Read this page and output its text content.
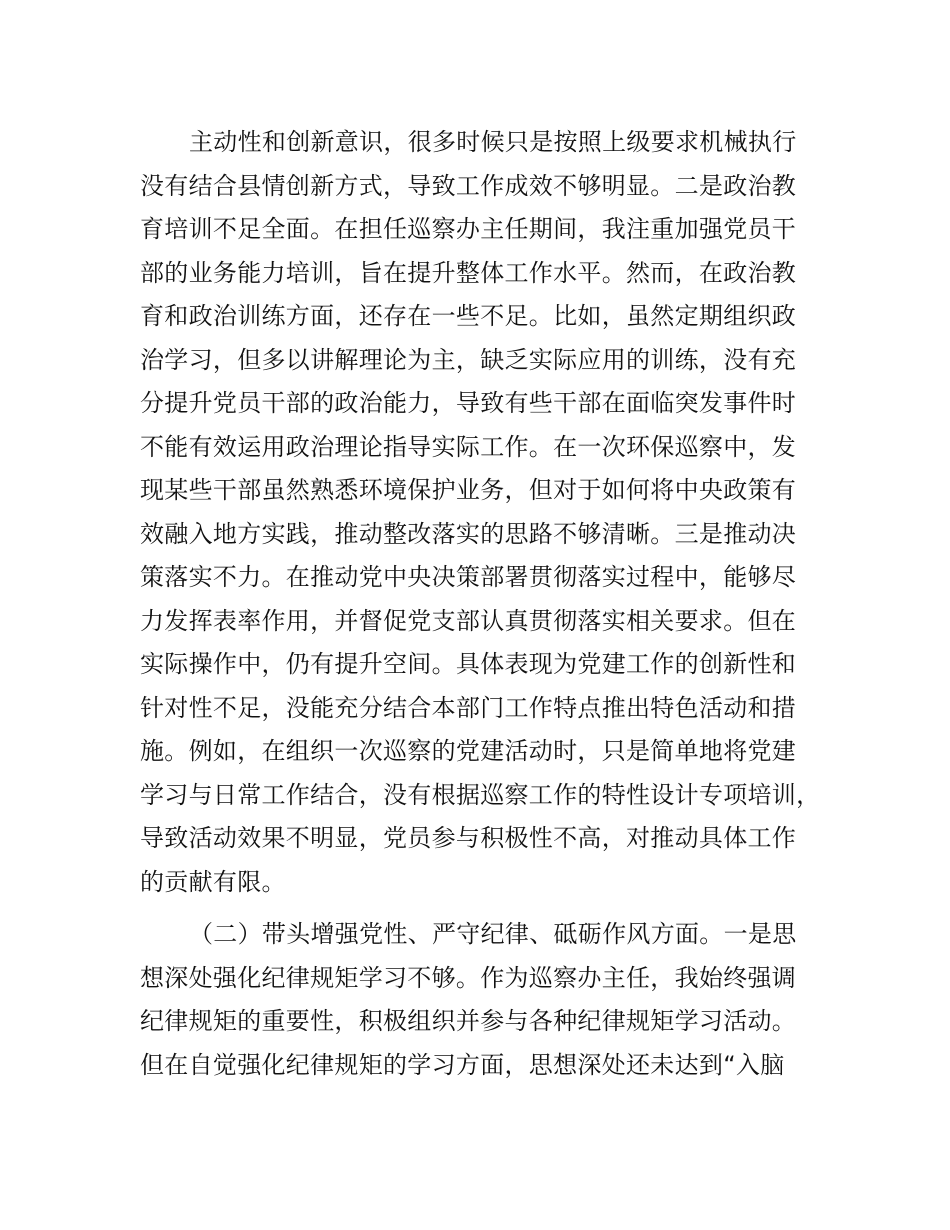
主动性和创新意识，很多时候只是按照上级要求机械执行
没有结合县情创新方式，导致工作成效不够明显。二是政治教
育培训不足全面。在担任巡察办主任期间，我注重加强党员干
部的业务能力培训，旨在提升整体工作水平。然而，在政治教
育和政治训练方面，还存在一些不足。比如，虽然定期组织政
治学习，但多以讲解理论为主，缺乏实际应用的训练，没有充
分提升党员干部的政治能力，导致有些干部在面临突发事件时
不能有效运用政治理论指导实际工作。在一次环保巡察中，发
现某些干部虽然熟悉环境保护业务，但对于如何将中央政策有
效融入地方实践，推动整改落实的思路不够清晰。三是推动决
策落实不力。在推动党中央决策部署贯彻落实过程中，能够尽
力发挥表率作用，并督促党支部认真贯彻落实相关要求。但在
实际操作中，仍有提升空间。具体表现为党建工作的创新性和
针对性不足，没能充分结合本部门工作特点推出特色活动和措
施。例如，在组织一次巡察的党建活动时，只是简单地将党建
学习与日常工作结合，没有根据巡察工作的特性设计专项培训，
导致活动效果不明显，党员参与积极性不高，对推动具体工作
的贡献有限。
（二）带头增强党性、严守纪律、砥砺作风方面。一是思
想深处强化纪律规矩学习不够。作为巡察办主任，我始终强调
纪律规矩的重要性，积极组织并参与各种纪律规矩学习活动。
但在自觉强化纪律规矩的学习方面，思想深处还未达到“入脑
